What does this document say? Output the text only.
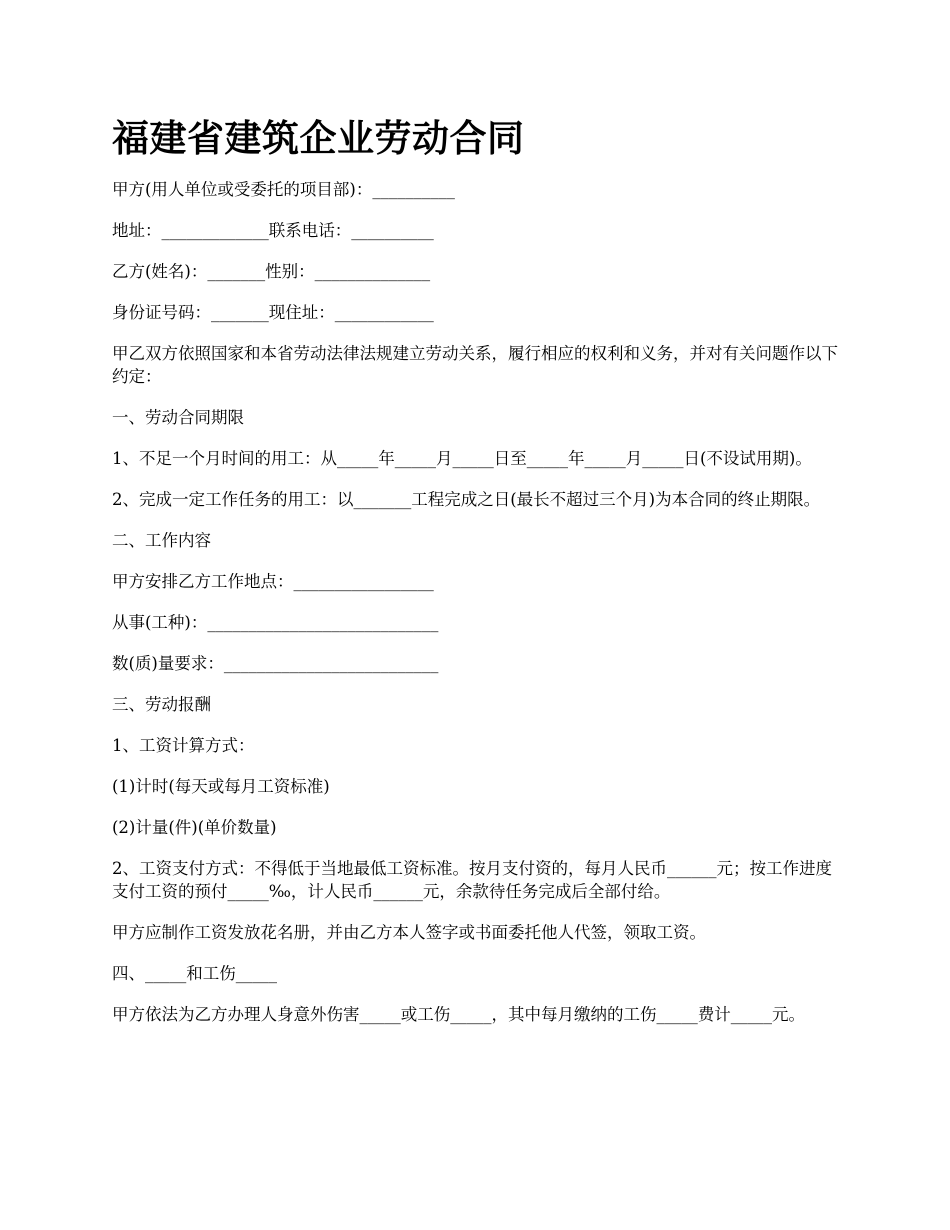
福建省建筑企业劳动合同

甲方(用人单位或受委托的项目部)：__________

地址：_____________联系电话：__________

乙方(姓名)：_______性别：______________

身份证号码：_______现住址：____________

甲乙双方依照国家和本省劳动法律法规建立劳动关系，履行相应的权利和义务，并对有关问题作以下约定：

一、劳动合同期限

1、不足一个月时间的用工：从_____年_____月_____日至_____年_____月_____日(不设试用期)。

2、完成一定工作任务的用工：以_______工程完成之日(最长不超过三个月)为本合同的终止期限。

二、工作内容

甲方安排乙方工作地点：_________________

从事(工种)：____________________________

数(质)量要求：__________________________

三、劳动报酬

1、工资计算方式：

(1)计时(每天或每月工资标准)

(2)计量(件)(单价数量)

2、工资支付方式：不得低于当地最低工资标准。按月支付资的，每月人民币______元；按工作进度支付工资的预付_____‰，计人民币______元，余款待任务完成后全部付给。

甲方应制作工资发放花名册，并由乙方本人签字或书面委托他人代签，领取工资。

四、_____和工伤_____

甲方依法为乙方办理人身意外伤害_____或工伤_____，其中每月缴纳的工伤_____费计_____元。
